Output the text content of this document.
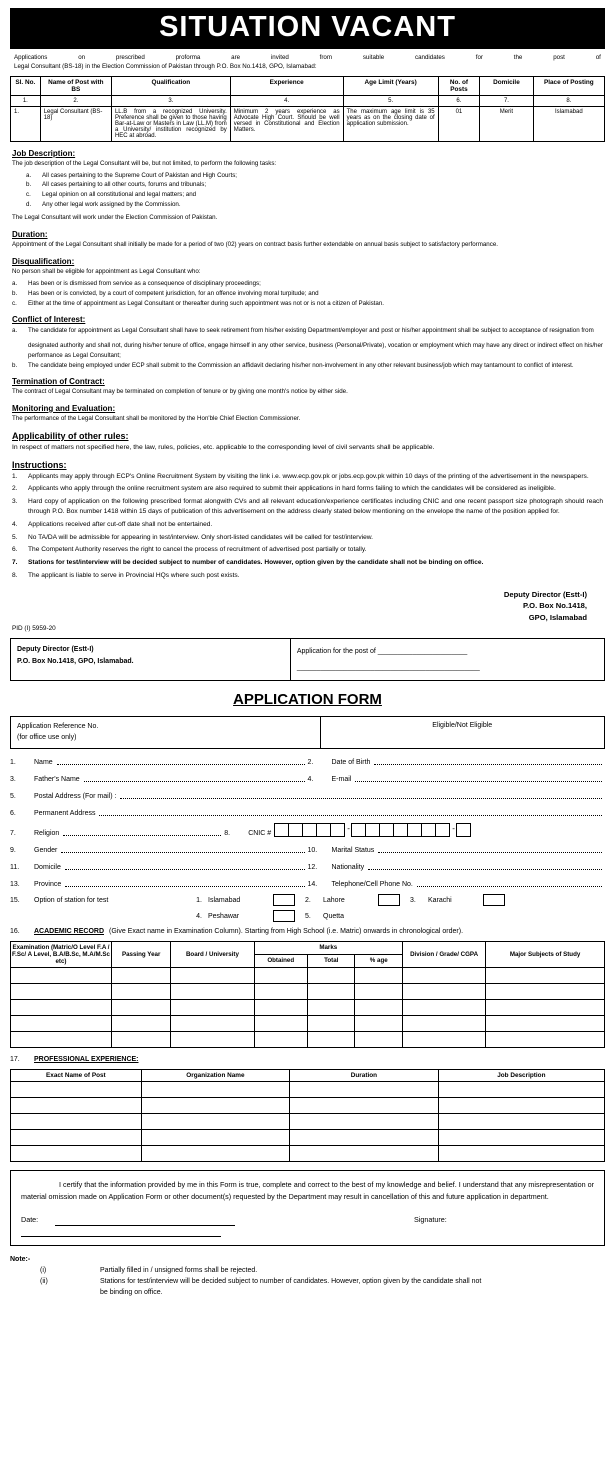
SITUATION VACANT
Applications	on	prescribed	proforma	are	invited	from	suitable	candidates	for	the	post	of
Legal Consultant (BS-18) in the Election Commission of Pakistan through P.O. Box No.1418, GPO, Islamabad:
Sl. No.	Name of Post with BS	Qualification	Experience	Age Limit (Years)	No. of Posts	Domicile	Place of Posting
1.	2.	3.	4.	5.	6.	7.	8.
1.	Legal Consultant (BS-18)	LL.B from a recognized University. Preference shall be given to those having Bar-at-Law or Masters in Law (LL.M) from a University/ institution recognized by HEC at abroad.	Minimum 2 years experience as Advocate High Court. Should be well versed in Constitutional and Election Matters.	The maximum age limit is 35 years as on the closing date of application submission.	01	Merit	Islamabad
Job Description:

The job description of the Legal Consultant will be, but not limited, to perform the following tasks:

a.	All cases pertaining to the Supreme Court of Pakistan and High Courts;
b.	All cases pertaining to all other courts, forums and tribunals;
c.	Legal opinion on all constitutional and legal matters; and
d.	Any other legal work assigned by the Commission.

The Legal Consultant will work under the Election Commission of Pakistan.

Duration:

Appointment of the Legal Consultant shall initially be made for a period of two (02) years on contract basis further extendable on annual basis subject to satisfactory performance.

Disqualification:

No person shall be eligible for appointment as Legal Consultant who:

a.	Has been or is dismissed from service as a consequence of disciplinary proceedings;
b.	Has been or is convicted, by a court of competent jurisdiction, for an offence involving moral turpitude; and
c.	Either at the time of appointment as Legal Consultant or thereafter during such appointment was not or is not a citizen of Pakistan.
Conflict of Interest:
a.	The candidate for appointment as Legal Consultant shall have to seek retirement from his/her existing Department/employer and post or his/her appointment shall be subject to acceptance of resignation from
designated authority and shall not, during his/her tenure of office, engage himself in any other service, business (Personal/Private), vocation or employment which may have any direct or indirect effect on his/her performance as Legal Consultant;
b.	The candidate being employed under ECP shall submit to the Commission an affidavit declaring his/her non-involvement in any other relevant business/job which may tantamount to conflict of interest.
Termination of Contract:

The contract of Legal Consultant may be terminated on completion of tenure or by giving one month's notice by either side.

Monitoring and Evaluation:

The performance of the Legal Consultant shall be monitored by the Hon'ble Chief Election Commissioner.

Applicability of other rules:

In respect of matters not specified here, the law, rules, policies, etc. applicable to the corresponding level of civil servants shall be applicable.

Instructions:
1.	Applicants may apply through ECP's Online Recruitment System by visiting the link i.e. www.ecp.gov.pk or jobs.ecp.gov.pk within 10 days of the printing of the advertisement in the newspapers.
2.	Applicants who apply through the online recruitment system are also required to submit their applications in hard forms failing to which the candidates will be considered as ineligible.
3.	Hard copy of application on the following prescribed format alongwith CVs and all relevant education/experience certificates including CNIC and one recent passport size photograph should reach through P.O. Box number 1418 within 15 days of publication of this advertisement on the address clearly stated below mentioning on the envelope the name of the position applied for.
4.	Applications received after cut-off date shall not be entertained.
5.	No TA/DA will be admissible for appearing in test/interview. Only short-listed candidates will be called for test/interview.
6.	The Competent Authority reserves the right to cancel the process of recruitment of advertised post partially or totally.
7.	Stations for test/interview will be decided subject to number of candidates. However, option given by the candidate shall not be binding on office.
8.	The applicant is liable to serve in Provincial HQs where such post exists.
Deputy Director (Estt-I)
P.O. Box No.1418,
GPO, Islamabad
PID (I) 5959-20
Deputy Director (Estt-I)
P.O. Box No.1418, GPO, Islamabad.
Application for the post of _______________________
_______________________________________________
APPLICATION FORM
Application Reference No.
(for office use only)
Eligible/Not Eligible
1.	Name	2.	Date of Birth
3.	Father's Name	4.	E-mail
5.	Postal Address (For mail) :
6.	Permanent Address
7.	Religion	8.	CNIC #
-	-
9.	Gender	10.	Marital Status
11.	Domicile	12.	Nationality
13.	Province	14.	Telephone/Cell Phone No.
15.	Option of station for test	1. Islamabad	2.	Lahore	3.	Karachi
4. Peshawar	5.	Quetta
16.	ACADEMIC RECORD (Give Exact name in Examination Column). Starting from High School (i.e. Matric) onwards in chronological order).
Examination (Matric/O Level F.A / F.Sc/ A Level, B.A/B.Sc, M.A/M.Sc etc)	Passing Year	Board / University	Marks			Division / Grade/ CGPA	Major Subjects of Study
			Obtained	Total	% age		

17.	PROFESSIONAL EXPERIENCE:
Exact Name of Post	Organization Name	Duration	Job Description

I certify that the information provided by me in this Form is true, complete and correct to the best of my knowledge and belief. I understand that any misrepresentation or material omission made on Application Form or other document(s) requested by the Department may result in cancellation of this and future application in department.
Date:	Signature:
Note:-
(i)	Partially filled in / unsigned forms shall be rejected.
(ii)	Stations for test/interview will be decided subject to number of candidates. However, option given by the candidate shall not
be binding on office.
